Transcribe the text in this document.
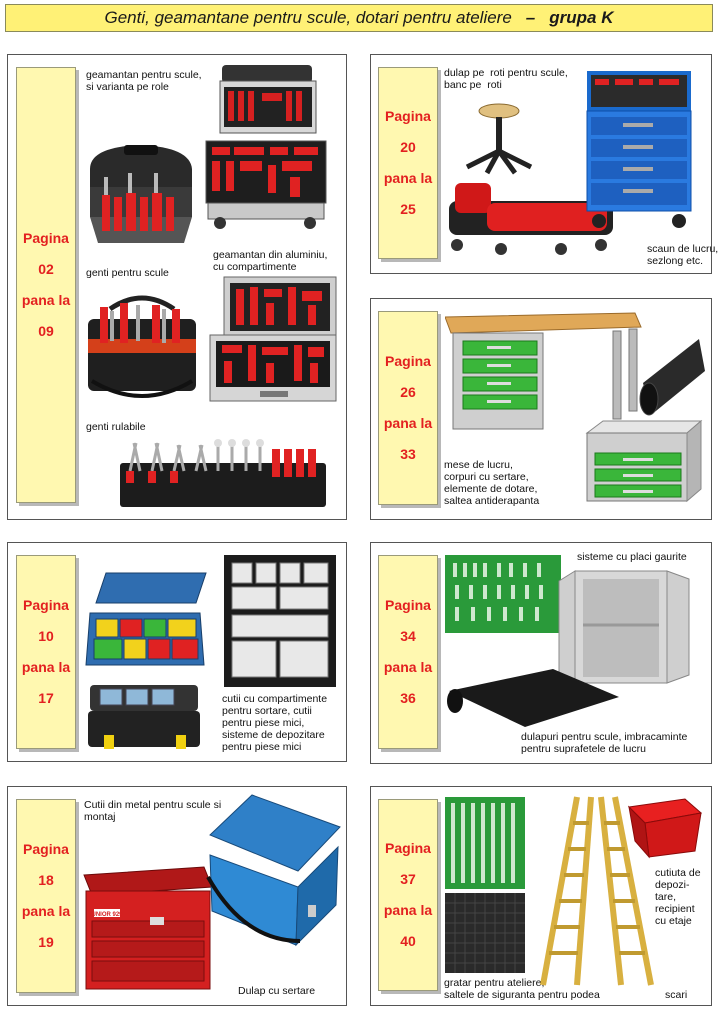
Genti, geamantane pentru scule, dotari pentru ateliere – grupa K
Pagina
02
pana la
09
geamantan pentru scule,
si varianta pe role
geamantan din aluminiu,
cu compartimente
genti pentru scule
genti rulabile
Pagina
20
pana la
25
dulap pe  roti pentru scule,
banc pe  roti
scaun de lucru,
sezlong etc.
Pagina
26
pana la
33
mese de lucru,
corpuri cu sertare,
elemente de dotare,
saltea antiderapanta
Pagina
10
pana la
17	cutii cu compartimente
pentru sortare, cutii
pentru piese mici,
sisteme de depozitare
pentru piese mici
Pagina
34
pana la
36
sisteme cu placi gaurite
dulapuri pentru scule, imbracaminte
pentru suprafetele de lucru
Pagina
18
pana la
19
Cutii din metal pentru scule si
montaj
Dulap cu sertare
UNIOR 929
Pagina
37
pana la
40
cutiuta de
depozi-
tare,
recipient
cu etaje
gratar pentru ateliere,
saltele de siguranta pentru podea	scari
